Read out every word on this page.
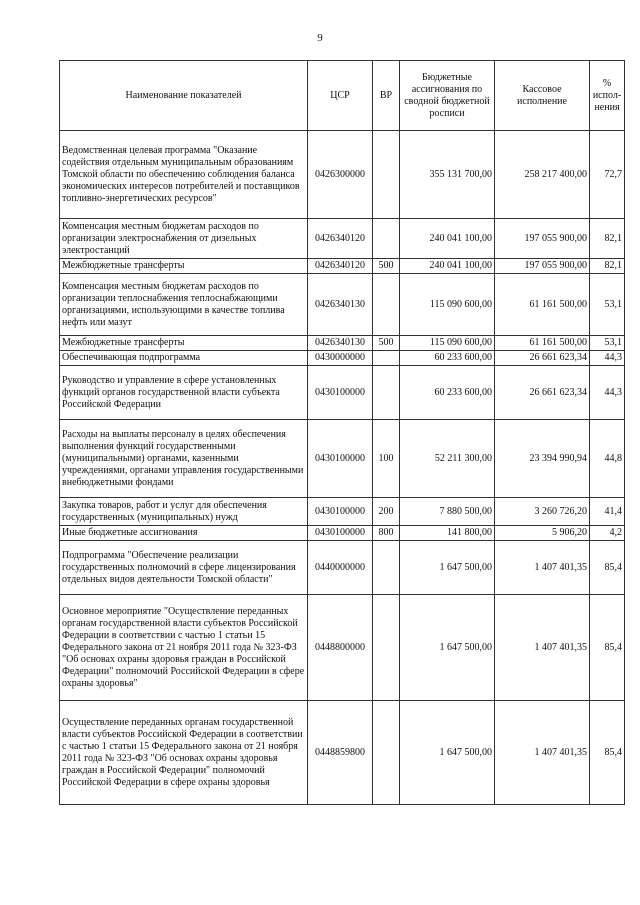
9
Наименование показателей	ЦСР	ВР	Бюджетные ассигнования по сводной бюджетной росписи	Кассовое исполнение	% испол-нения
Ведомственная целевая программа "Оказание содействия отдельным муниципальным образованиям Томской области по обеспечению соблюдения баланса экономических интересов потребителей и поставщиков топливно-энергетических ресурсов"	0426300000		355 131 700,00	258 217 400,00	72,7
Компенсация местным бюджетам расходов по организации электроснабжения от дизельных электростанций	0426340120		240 041 100,00	197 055 900,00	82,1
Межбюджетные трансферты	0426340120	500	240 041 100,00	197 055 900,00	82,1
Компенсация местным бюджетам расходов по организации теплоснабжения теплоснабжающими организациями, использующими в качестве топлива нефть или мазут	0426340130		115 090 600,00	61 161 500,00	53,1
Межбюджетные трансферты	0426340130	500	115 090 600,00	61 161 500,00	53,1
Обеспечивающая подпрограмма	0430000000		60 233 600,00	26 661 623,34	44,3
Руководство и управление в сфере установленных функций органов государственной власти субъекта Российской Федерации	0430100000		60 233 600,00	26 661 623,34	44,3
Расходы на выплаты персоналу в целях обеспечения выполнения функций государственными (муниципальными) органами, казенными учреждениями, органами управления государственными внебюджетными фондами	0430100000	100	52 211 300,00	23 394 990,94	44,8
Закупка товаров, работ и услуг для обеспечения государственных (муниципальных) нужд	0430100000	200	7 880 500,00	3 260 726,20	41,4
Иные бюджетные ассигнования	0430100000	800	141 800,00	5 906,20	4,2
Подпрограмма "Обеспечение реализации государственных полномочий в сфере лицензирования отдельных видов деятельности Томской области"	0440000000		1 647 500,00	1 407 401,35	85,4
Основное мероприятие "Осуществление переданных органам государственной власти субъектов Российской Федерации в соответствии с частью 1 статьи 15 Федерального закона от 21 ноября 2011 года № 323-ФЗ "Об основах охраны здоровья граждан в Российской Федерации" полномочий Российской Федерации в сфере охраны здоровья"	0448800000		1 647 500,00	1 407 401,35	85,4
Осуществление переданных органам государственной власти субъектов Российской Федерации в соответствии с частью 1 статьи 15 Федерального закона от 21 ноября 2011 года № 323-ФЗ "Об основах охраны здоровья граждан в Российской Федерации" полномочий Российской Федерации в сфере охраны здоровья	0448859800		1 647 500,00	1 407 401,35	85,4
